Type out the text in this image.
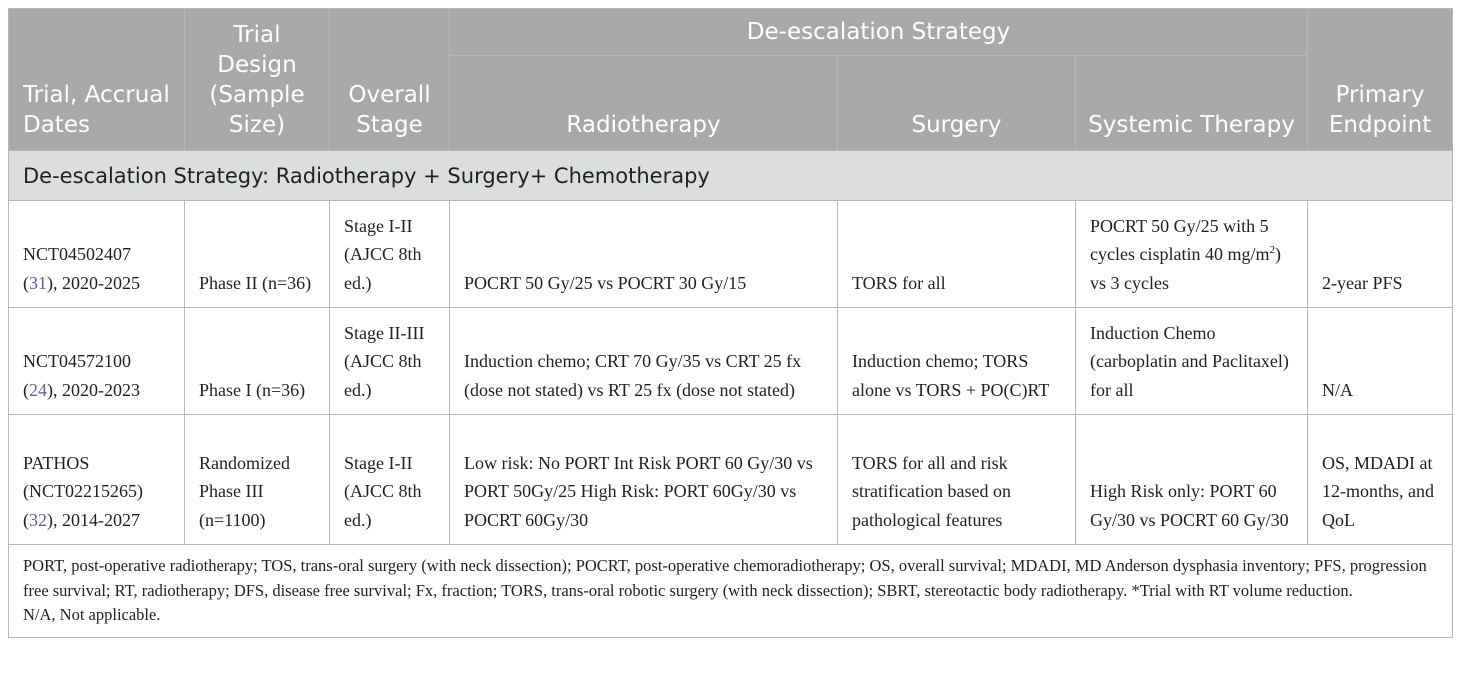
Trial, Accrual Dates	Trial Design (Sample Size)	Overall Stage	De-escalation Strategy			Primary Endpoint
			Radiotherapy	Surgery	Systemic Therapy	
De-escalation Strategy: Radiotherapy + Surgery+ Chemotherapy						
NCT04502407
(31), 2020-2025	Phase II (n=36)	Stage I-II (AJCC 8th ed.)	POCRT 50 Gy/25 vs POCRT 30 Gy/15	TORS for all	POCRT 50 Gy/25 with 5 cycles cisplatin 40 $mg/m^2$) vs 3 cycles	2-year PFS
NCT04572100
(24), 2020-2023	Phase I (n=36)	Stage II-III (AJCC 8th ed.)	Induction chemo; CRT 70 Gy/35 vs CRT 25 fx (dose not stated) vs RT 25 fx (dose not stated)	Induction chemo; TORS alone vs TORS + PO(C)RT	Induction Chemo (carboplatin and Paclitaxel) for all	N/A
PATHOS (NCT02215265)
(32), 2014-2027	Randomized Phase III (n=1100)	Stage I-II (AJCC 8th ed.)	Low risk: No PORT Int Risk PORT 60 Gy/30 vs PORT 50Gy/25 High Risk: PORT 60Gy/30 vs POCRT 60Gy/30	TORS for all and risk stratification based on pathological features	High Risk only: PORT 60 Gy/30 vs POCRT 60 Gy/30	OS, MDADI at 12-months, and QoL

PORT, post-operative radiotherapy; TOS, trans-oral surgery (with neck dissection); POCRT, post-operative chemoradiotherapy; OS, overall survival; MDADI, MD Anderson dysphasia inventory; PFS, progression free survival; RT, radiotherapy; DFS, disease free survival; Fx, fraction; TORS, trans-oral robotic surgery (with neck dissection); SBRT, stereotactic body radiotherapy. *Trial with RT volume reduction.
N/A, Not applicable.						
